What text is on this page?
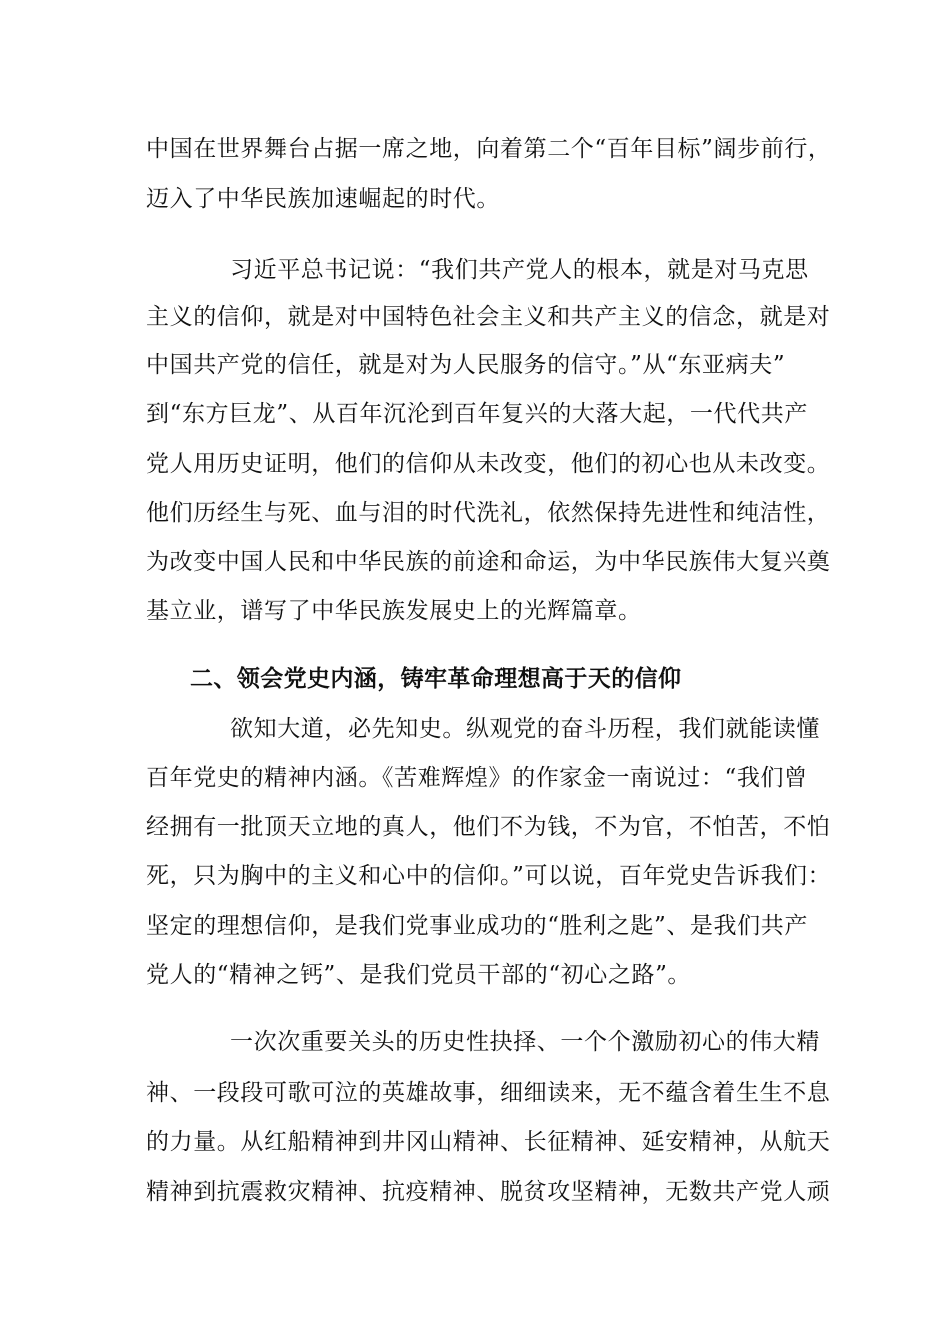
中国在世界舞台占据一席之地，向着第二个“百年目标”阔步前行，
迈入了中华民族加速崛起的时代。
习近平总书记说：“我们共产党人的根本，就是对马克思
主义的信仰，就是对中国特色社会主义和共产主义的信念，就是对
中国共产党的信任，就是对为人民服务的信守。”从“东亚病夫”
到“东方巨龙”、从百年沉沦到百年复兴的大落大起，一代代共产
党人用历史证明，他们的信仰从未改变，他们的初心也从未改变。
他们历经生与死、血与泪的时代洗礼，依然保持先进性和纯洁性，
为改变中国人民和中华民族的前途和命运，为中华民族伟大复兴奠
基立业，谱写了中华民族发展史上的光辉篇章。
二、领会党史内涵，铸牢革命理想高于天的信仰
欲知大道，必先知史。纵观党的奋斗历程，我们就能读懂
百年党史的精神内涵。《苦难辉煌》的作家金一南说过：“我们曾
经拥有一批顶天立地的真人，他们不为钱，不为官，不怕苦，不怕
死，只为胸中的主义和心中的信仰。”可以说，百年党史告诉我们：
坚定的理想信仰，是我们党事业成功的“胜利之匙”、是我们共产
党人的“精神之钙”、是我们党员干部的“初心之路”。
一次次重要关头的历史性抉择、一个个激励初心的伟大精
神、一段段可歌可泣的英雄故事，细细读来，无不蕴含着生生不息
的力量。从红船精神到井冈山精神、长征精神、延安精神，从航天
精神到抗震救灾精神、抗疫精神、脱贫攻坚精神，无数共产党人顽
